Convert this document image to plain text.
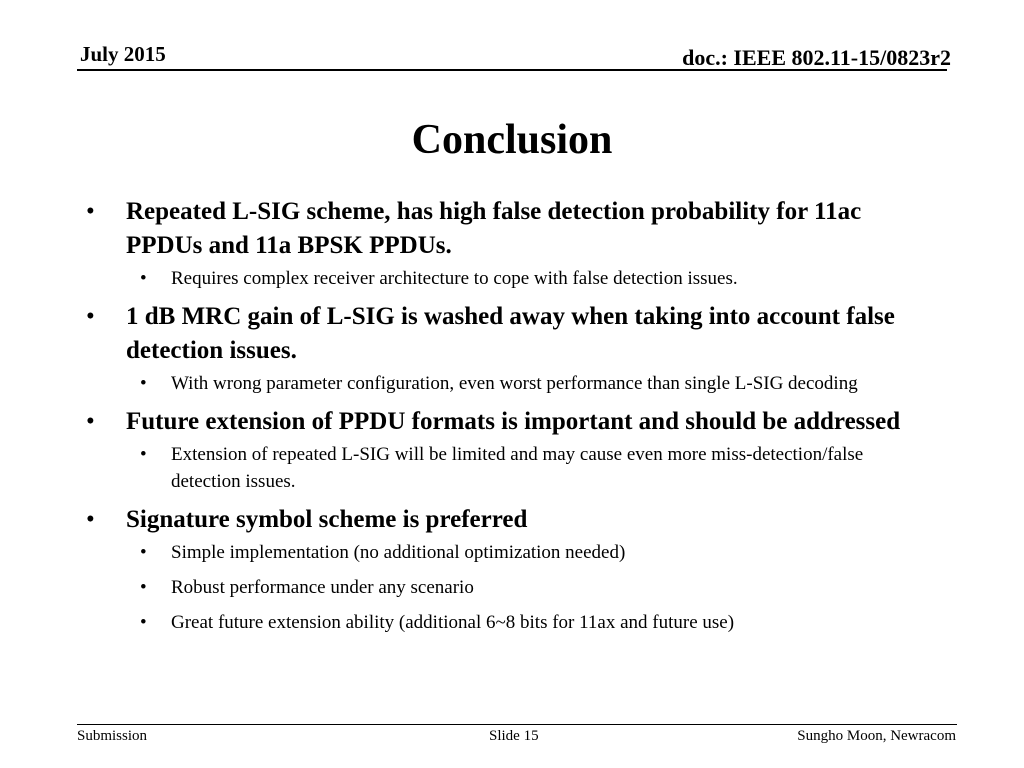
July 2015	doc.: IEEE 802.11-15/0823r2
Conclusion
• Repeated L-SIG scheme, has high false detection probability for 11ac PPDUs and 11a BPSK PPDUs.
• Requires complex receiver architecture to cope with false detection issues.
• 1 dB MRC gain of L-SIG is washed away when taking into account false detection issues.
• With wrong parameter configuration, even worst performance than single L-SIG decoding
• Future extension of PPDU formats is important and should be addressed
• Extension of repeated L-SIG will be limited and may cause even more miss-detection/false detection issues.
• Signature symbol scheme is preferred
• Simple implementation (no additional optimization needed)
• Robust performance under any scenario
• Great future extension ability (additional 6~8 bits for 11ax and future use)
Submission	Slide 15	Sungho Moon, Newracom
